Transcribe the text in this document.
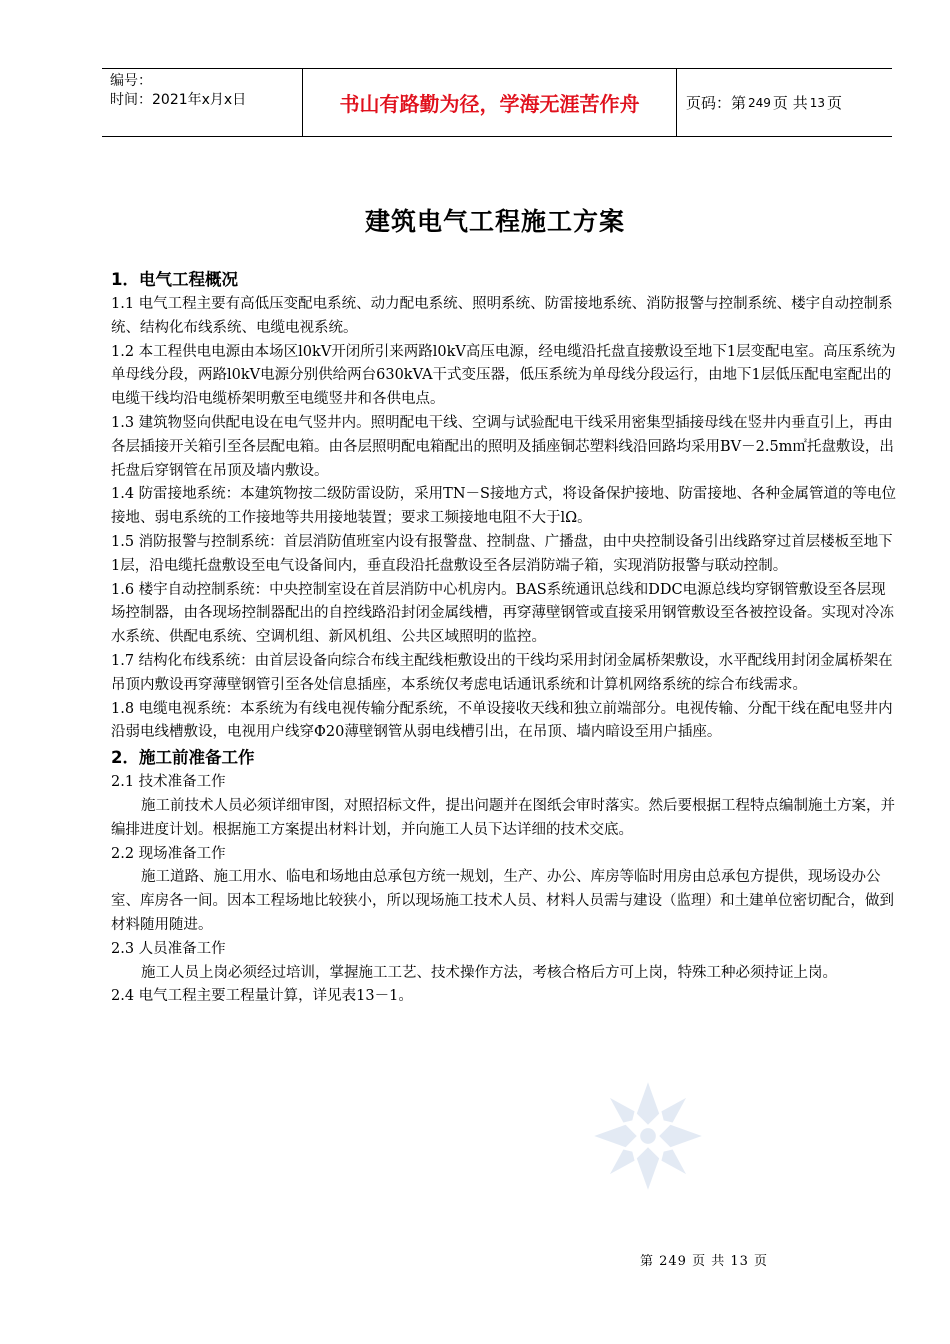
编号：
时间：2021年x月x日	书山有路勤为径，学海无涯苦作舟	页码：第 249 页 共 13 页
建筑电气工程施工方案

1．电气工程概况

1.1 电气工程主要有高低压变配电系统、动力配电系统、照明系统、防雷接地系统、消防报警与控制系统、楼宇自动控制系统、结构化布线系统、电缆电视系统。

1.2 本工程供电电源由本场区l0kV开闭所引来两路l0kV高压电源，经电缆沿托盘直接敷设至地下1层变配电室。高压系统为单母线分段，两路l0kV电源分别供给两台630kVA干式变压器，低压系统为单母线分段运行，由地下1层低压配电室配出的电缆干线均沿电缆桥架明敷至电缆竖井和各供电点。

1.3 建筑物竖向供配电设在电气竖井内。照明配电干线、空调与试验配电干线采用密集型插接母线在竖井内垂直引上，再由各层插接开关箱引至各层配电箱。由各层照明配电箱配出的照明及插座铜芯塑料线沿回路均采用BV－2.5m㎡托盘敷设，出托盘后穿钢管在吊顶及墙内敷设。

1.4 防雷接地系统：本建筑物按二级防雷设防，采用TN－S接地方式，将设备保护接地、防雷接地、各种金属管道的等电位接地、弱电系统的工作接地等共用接地装置；要求工频接地电阻不大于lΩ。

1.5 消防报警与控制系统：首层消防值班室内设有报警盘、控制盘、广播盘，由中央控制设备引出线路穿过首层楼板至地下1层，沿电缆托盘敷设至电气设备间内，垂直段沿托盘敷设至各层消防端子箱，实现消防报警与联动控制。

1.6 楼宇自动控制系统：中央控制室设在首层消防中心机房内。BAS系统通讯总线和DDC电源总线均穿钢管敷设至各层现场控制器，由各现场控制器配出的自控线路沿封闭金属线槽，再穿薄壁钢管或直接采用钢管敷设至各被控设备。实现对冷冻水系统、供配电系统、空调机组、新风机组、公共区域照明的监控。

1.7 结构化布线系统：由首层设备向综合布线主配线柜敷设出的干线均采用封闭金属桥架敷设，水平配线用封闭金属桥架在吊顶内敷设再穿薄壁钢管引至各处信息插座，本系统仅考虑电话通讯系统和计算机网络系统的综合布线需求。

1.8 电缆电视系统：本系统为有线电视传输分配系统，不单设接收天线和独立前端部分。电视传输、分配干线在配电竖井内沿弱电线槽敷设，电视用户线穿Φ20薄壁钢管从弱电线槽引出，在吊顶、墙内暗设至用户插座。

2．施工前准备工作

2.1 技术准备工作

施工前技术人员必须详细审图，对照招标文件，提出问题并在图纸会审时落实。然后要根据工程特点编制施土方案，并编排进度计划。根据施工方案提出材料计划，并向施工人员下达详细的技术交底。

2.2 现场准备工作

施工道路、施工用水、临电和场地由总承包方统一规划，生产、办公、库房等临时用房由总承包方提供，现场设办公室、库房各一间。因本工程场地比较狭小，所以现场施工技术人员、材料人员需与建设（监理）和土建单位密切配合，做到材料随用随进。

2.3 人员准备工作

施工人员上岗必须经过培训，掌握施工工艺、技术操作方法，考核合格后方可上岗，特殊工种必须持证上岗。

2.4 电气工程主要工程量计算，详见表13－1。

第 249 页 共 13 页
